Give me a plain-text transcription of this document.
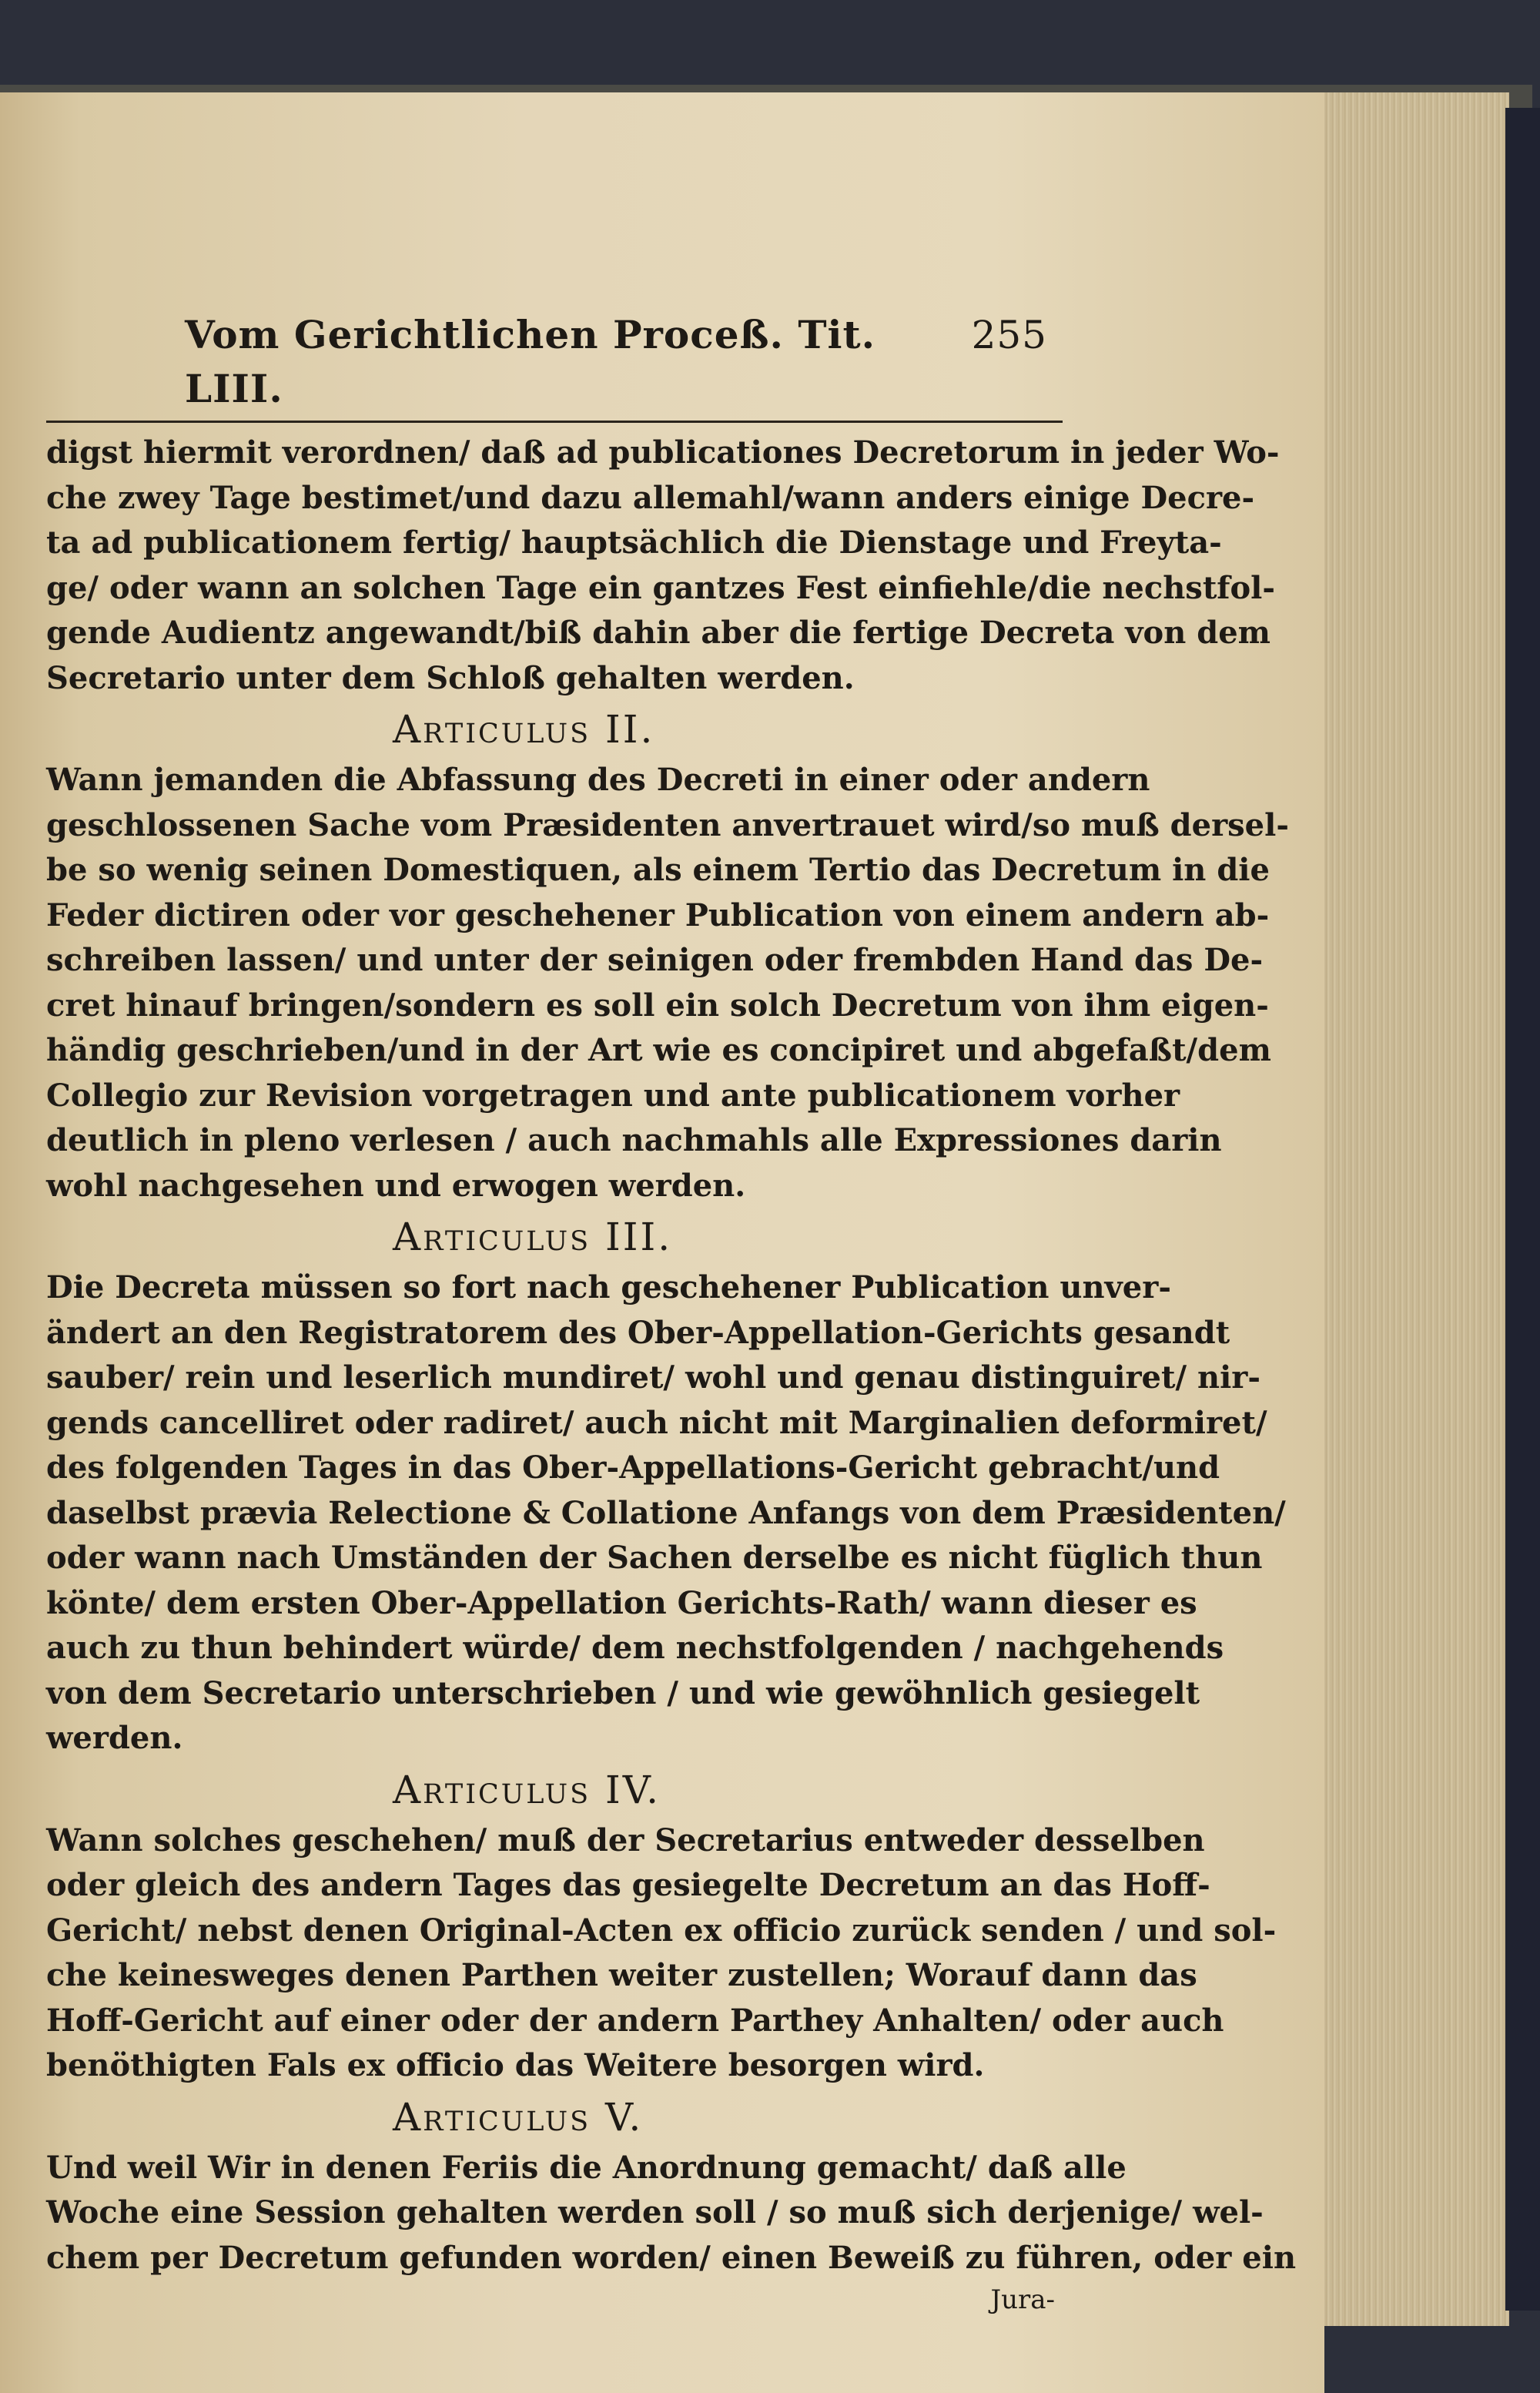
Vom Gerichtlichen Proceß. Tit. LIII.
255

digst hiermit verordnen/ daß ad publicationes Decretorum in jeder Wo-
che zwey Tage bestimet/und dazu allemahl/wann anders einige Decre-
ta ad publicationem fertig/ hauptsächlich die Dienstage und Freyta-
ge/ oder wann an solchen Tage ein gantzes Fest einfiehle/die nechstfol-
gende Audientz angewandt/biß dahin aber die fertige Decreta von dem
Secretario unter dem Schloß gehalten werden.

Articulus II.

Wann jemanden die Abfassung des Decreti in einer oder andern
geschlossenen Sache vom Præsidenten anvertrauet wird/so muß dersel-
be so wenig seinen Domestiquen, als einem Tertio das Decretum in die
Feder dictiren oder vor geschehener Publication von einem andern ab-
schreiben lassen/ und unter der seinigen oder frembden Hand das De-
cret hinauf bringen/sondern es soll ein solch Decretum von ihm eigen-
händig geschrieben/und in der Art wie es concipiret und abgefaßt/dem
Collegio zur Revision vorgetragen und ante publicationem vorher
deutlich in pleno verlesen / auch nachmahls alle Expressiones darin
wohl nachgesehen und erwogen werden.

Articulus III.

Die Decreta müssen so fort nach geschehener Publication unver-
ändert an den Registratorem des Ober-Appellation-Gerichts gesandt
sauber/ rein und leserlich mundiret/ wohl und genau distinguiret/ nir-
gends cancelliret oder radiret/ auch nicht mit Marginalien deformiret/
des folgenden Tages in das Ober-Appellations-Gericht gebracht/und
daselbst prævia Relectione & Collatione Anfangs von dem Præsidenten/
oder wann nach Umständen der Sachen derselbe es nicht füglich thun
könte/ dem ersten Ober-Appellation Gerichts-Rath/ wann dieser es
auch zu thun behindert würde/ dem nechstfolgenden / nachgehends
von dem Secretario unterschrieben / und wie gewöhnlich gesiegelt
werden.

Articulus IV.

Wann solches geschehen/ muß der Secretarius entweder desselben
oder gleich des andern Tages das gesiegelte Decretum an das Hoff-
Gericht/ nebst denen Original-Acten ex officio zurück senden / und sol-
che keinesweges denen Parthen weiter zustellen; Worauf dann das
Hoff-Gericht auf einer oder der andern Parthey Anhalten/ oder auch
benöthigten Fals ex officio das Weitere besorgen wird.

Articulus V.

Und weil Wir in denen Feriis die Anordnung gemacht/ daß alle
Woche eine Session gehalten werden soll / so muß sich derjenige/ wel-
chem per Decretum gefunden worden/ einen Beweiß zu führen, oder ein

Jura-
